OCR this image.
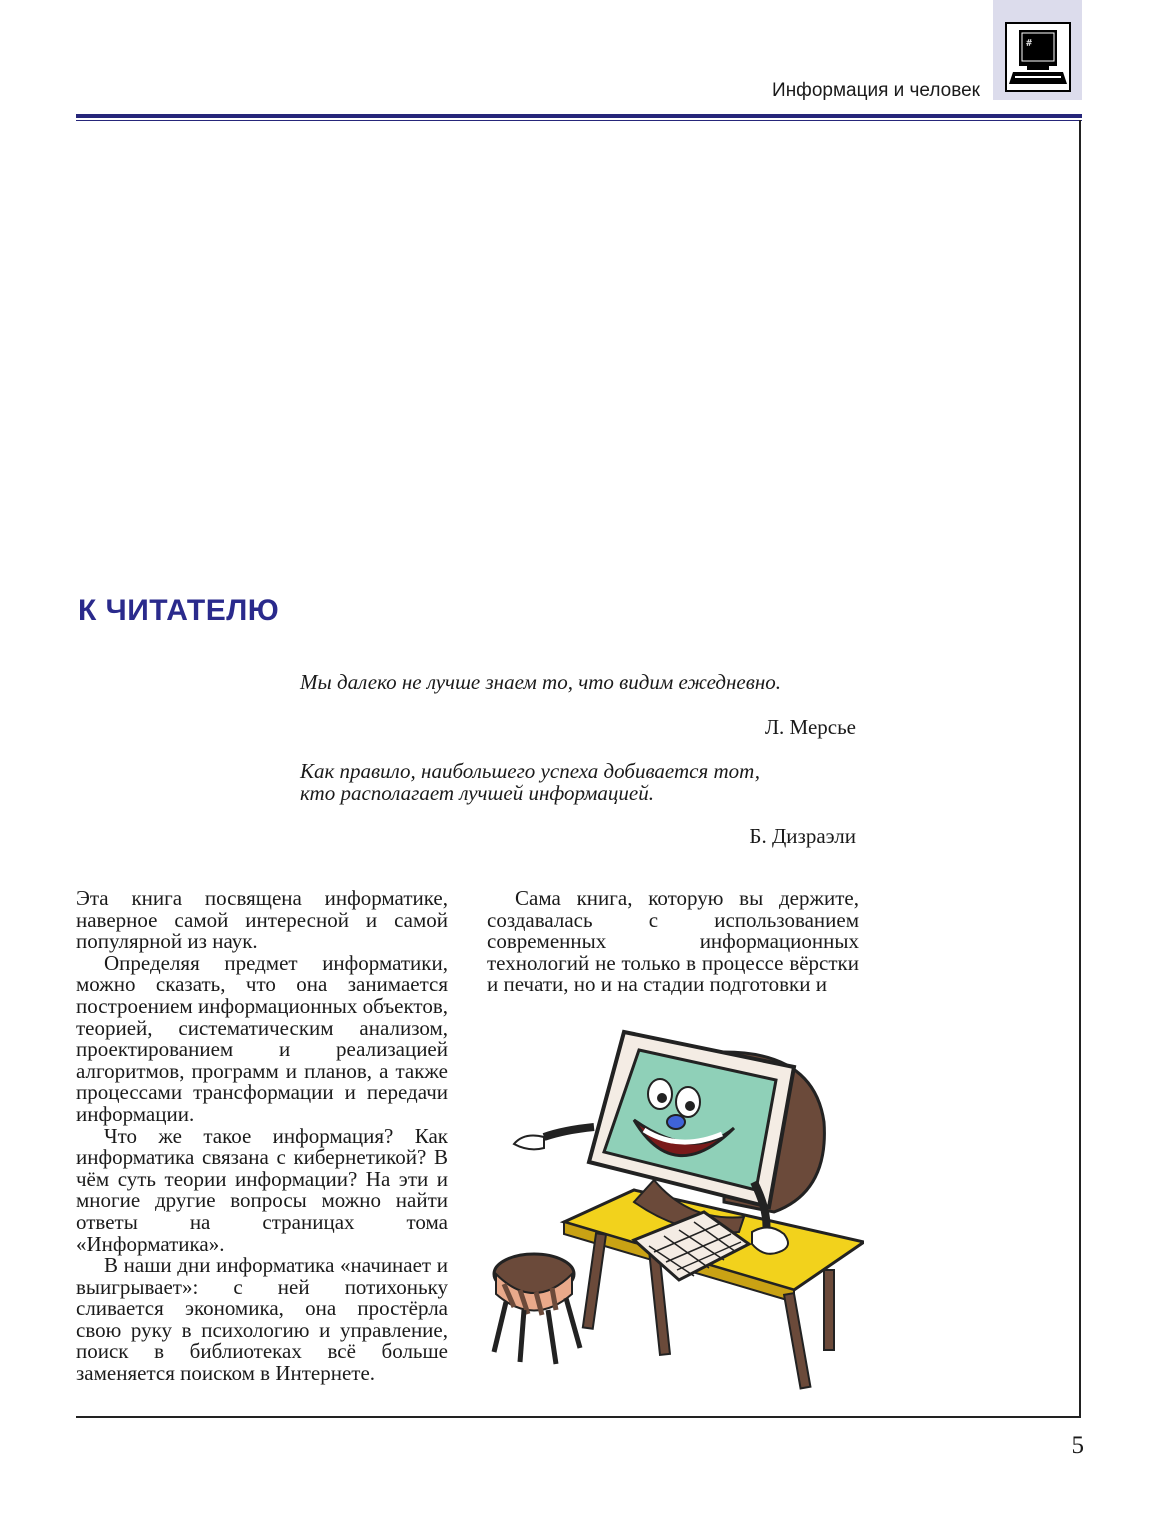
#
Информация и человек
К ЧИТАТЕЛЮ
Мы далеко не лучше знаем то, что видим ежедневно.
Л. Мерсье
Как правило, наибольшего успеха добивается тот,
кто располагает лучшей информацией.
Б. Дизраэли

Эта книга посвящена информатике, наверное самой интересной и самой популярной из наук.

Определяя предмет информатики, можно сказать, что она занимается построением информационных объектов, теорией, систематическим анализом, проектированием и реализацией алгоритмов, программ и планов, а также процессами трансформации и передачи информации.

Что же такое информация? Как информатика связана с кибернетикой? В чём суть теории информации? На эти и многие другие вопросы можно найти ответы на страницах тома «Информатика».

В наши дни информатика «начинает и выигрывает»: с ней потихоньку сливается экономика, она простёрла свою руку в психологию и управление, поиск в библиотеках всё больше заменяется поиском в Интернете.

Сама книга, которую вы держите, создавалась с использованием современных информационных технологий не только в процессе вёрстки и печати, но и на стадии подготовки и

5
